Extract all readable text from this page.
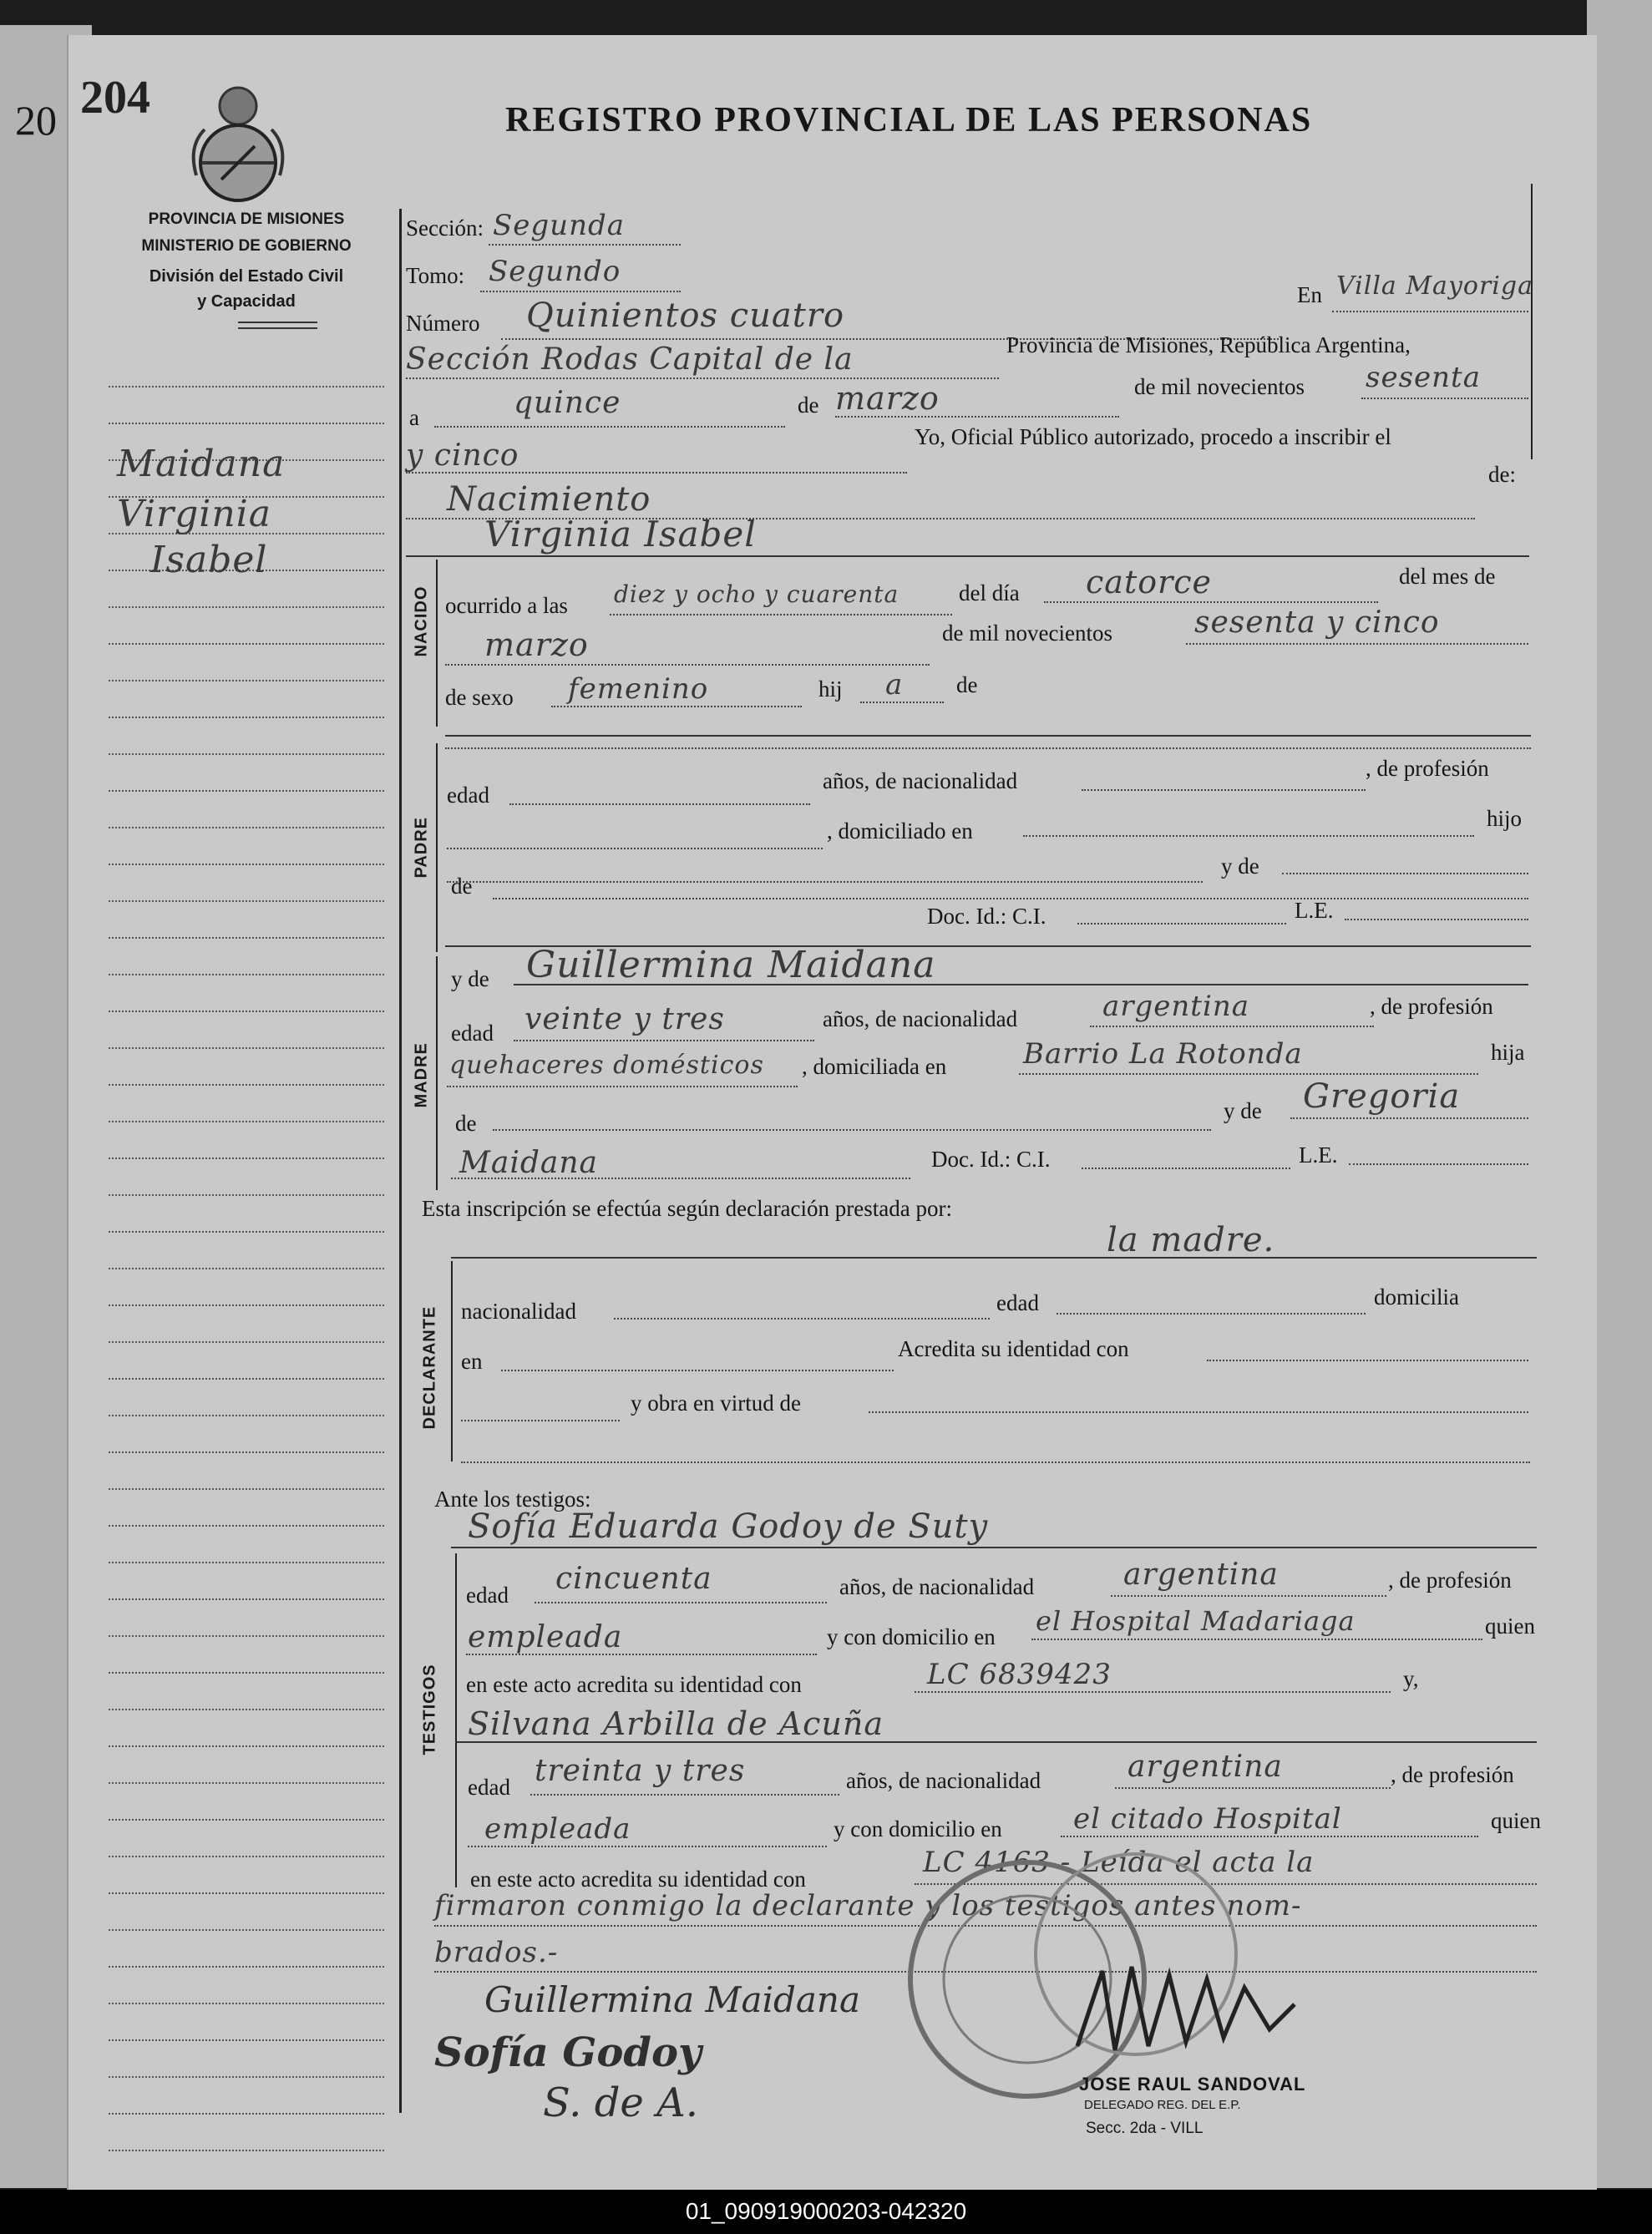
20 204	REGISTRO PROVINCIAL DE LAS PERSONAS
PROVINCIA DE MISIONES
MINISTERIO DE GOBIERNO
División del Estado Civil
y Capacidad
Maidana
Virginia
Isabel
Sección: Segunda
Tomo: Segundo
Número Quinientos cuatro
En Villa Mayoriga
Sección Rodas Capital de la	Provincia de Misiones, República Argentina,
a	quince	de marzo	de mil novecientos sesenta
y cinco
Yo, Oficial Público autorizado, procedo a inscribir el
Nacimiento
de:
Virginia Isabel
NACIDO ocurrido a las diez y ocho y cuarenta	del día catorce	del mes de
marzo	de mil novecientos	sesenta y cinco
de sexo femenino	hij a de
PADRE
edad
años, de nacionalidad	, de profesión
, domiciliado en	hijo
y de
de
Doc. Id.: C.I.	L.E.
MADRE
y de Guillermina Maidana
edad veinte y tres	años, de nacionalidad	argentina	, de profesión
quehaceres domésticos , domiciliada en	Barrio La Rotonda	hija
de	y de Gregoria
Maidana	Doc. Id.: C.I.	L.E.
Esta inscripción se efectúa según declaración prestada por:
la madre.
DECLARANTE nacionalidad	edad	domicilia
en	Acredita su identidad con
y obra en virtud de
Ante los testigos:
Sofía Eduarda Godoy de Suty
TESTIGOS
edad cincuenta	años, de nacionalidad	argentina	, de profesión
empleada	y con domicilio en el Hospital Madariaga	quien
en este acto acredita su identidad con	LC 6839423	y,
Silvana Arbilla de Acuña
edad treinta y tres	años, de nacionalidad	argentina	, de profesión
empleada	y con domicilio en	el citado Hospital	quien
en este acto acredita su identidad con	LC 4163 - Leída el acta la
firmaron conmigo la declarante y los testigos antes nom-
brados.-
Guillermina Maidana
Sofía Godoy
S. de A.	JOSE RAUL SANDOVAL
DELEGADO REG. DEL E.P.
Secc. 2da - VILL
01_090919000203-042320
